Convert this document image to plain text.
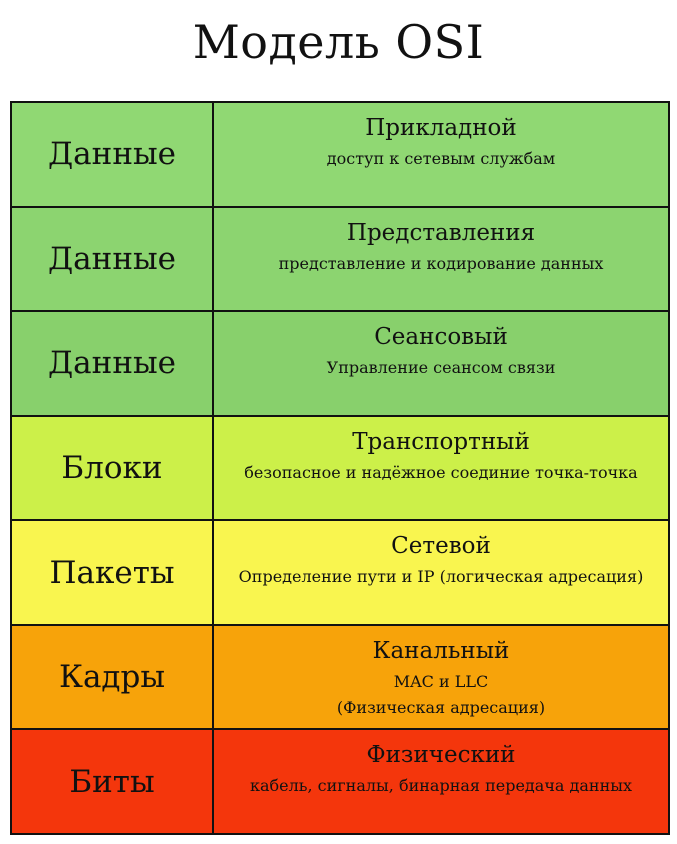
Модель OSI
Данные
Прикладной
доступ к сетевым службам
Данные
Представления
представление и кодирование данных
Данные
Сеансовый
Управление сеансом связи
Блоки
Транспортный
безопасное и надёжное соединие точка-точка
Пакеты
Сетевой
Определение пути и IP (логическая адресация)
Кадры
Канальный
MAC и LLC
(Физическая адресация)
Биты
Физический
кабель, сигналы, бинарная передача данных
